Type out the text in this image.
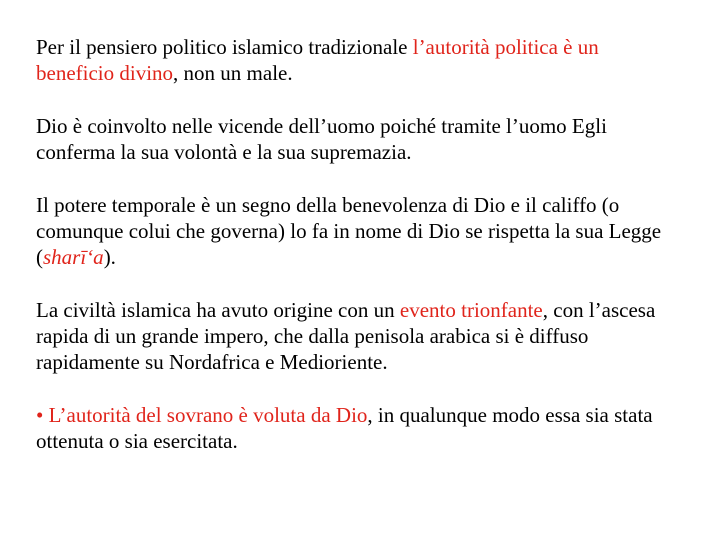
Per il pensiero politico islamico tradizionale l’autorità politica è un beneficio divino, non un male.

Dio è coinvolto nelle vicende dell’uomo poiché tramite l’uomo Egli conferma la sua volontà e la sua supremazia.

Il potere temporale è un segno della benevolenza di Dio e il califfo (o comunque colui che governa) lo fa in nome di Dio se rispetta la sua Legge (sharī‘a).

La civiltà islamica ha avuto origine con un evento trionfante, con l’ascesa rapida di un grande impero, che dalla penisola arabica si è diffuso rapidamente su Nordafrica e Medioriente.

• L’autorità del sovrano è voluta da Dio, in qualunque modo essa sia stata ottenuta o sia esercitata.
